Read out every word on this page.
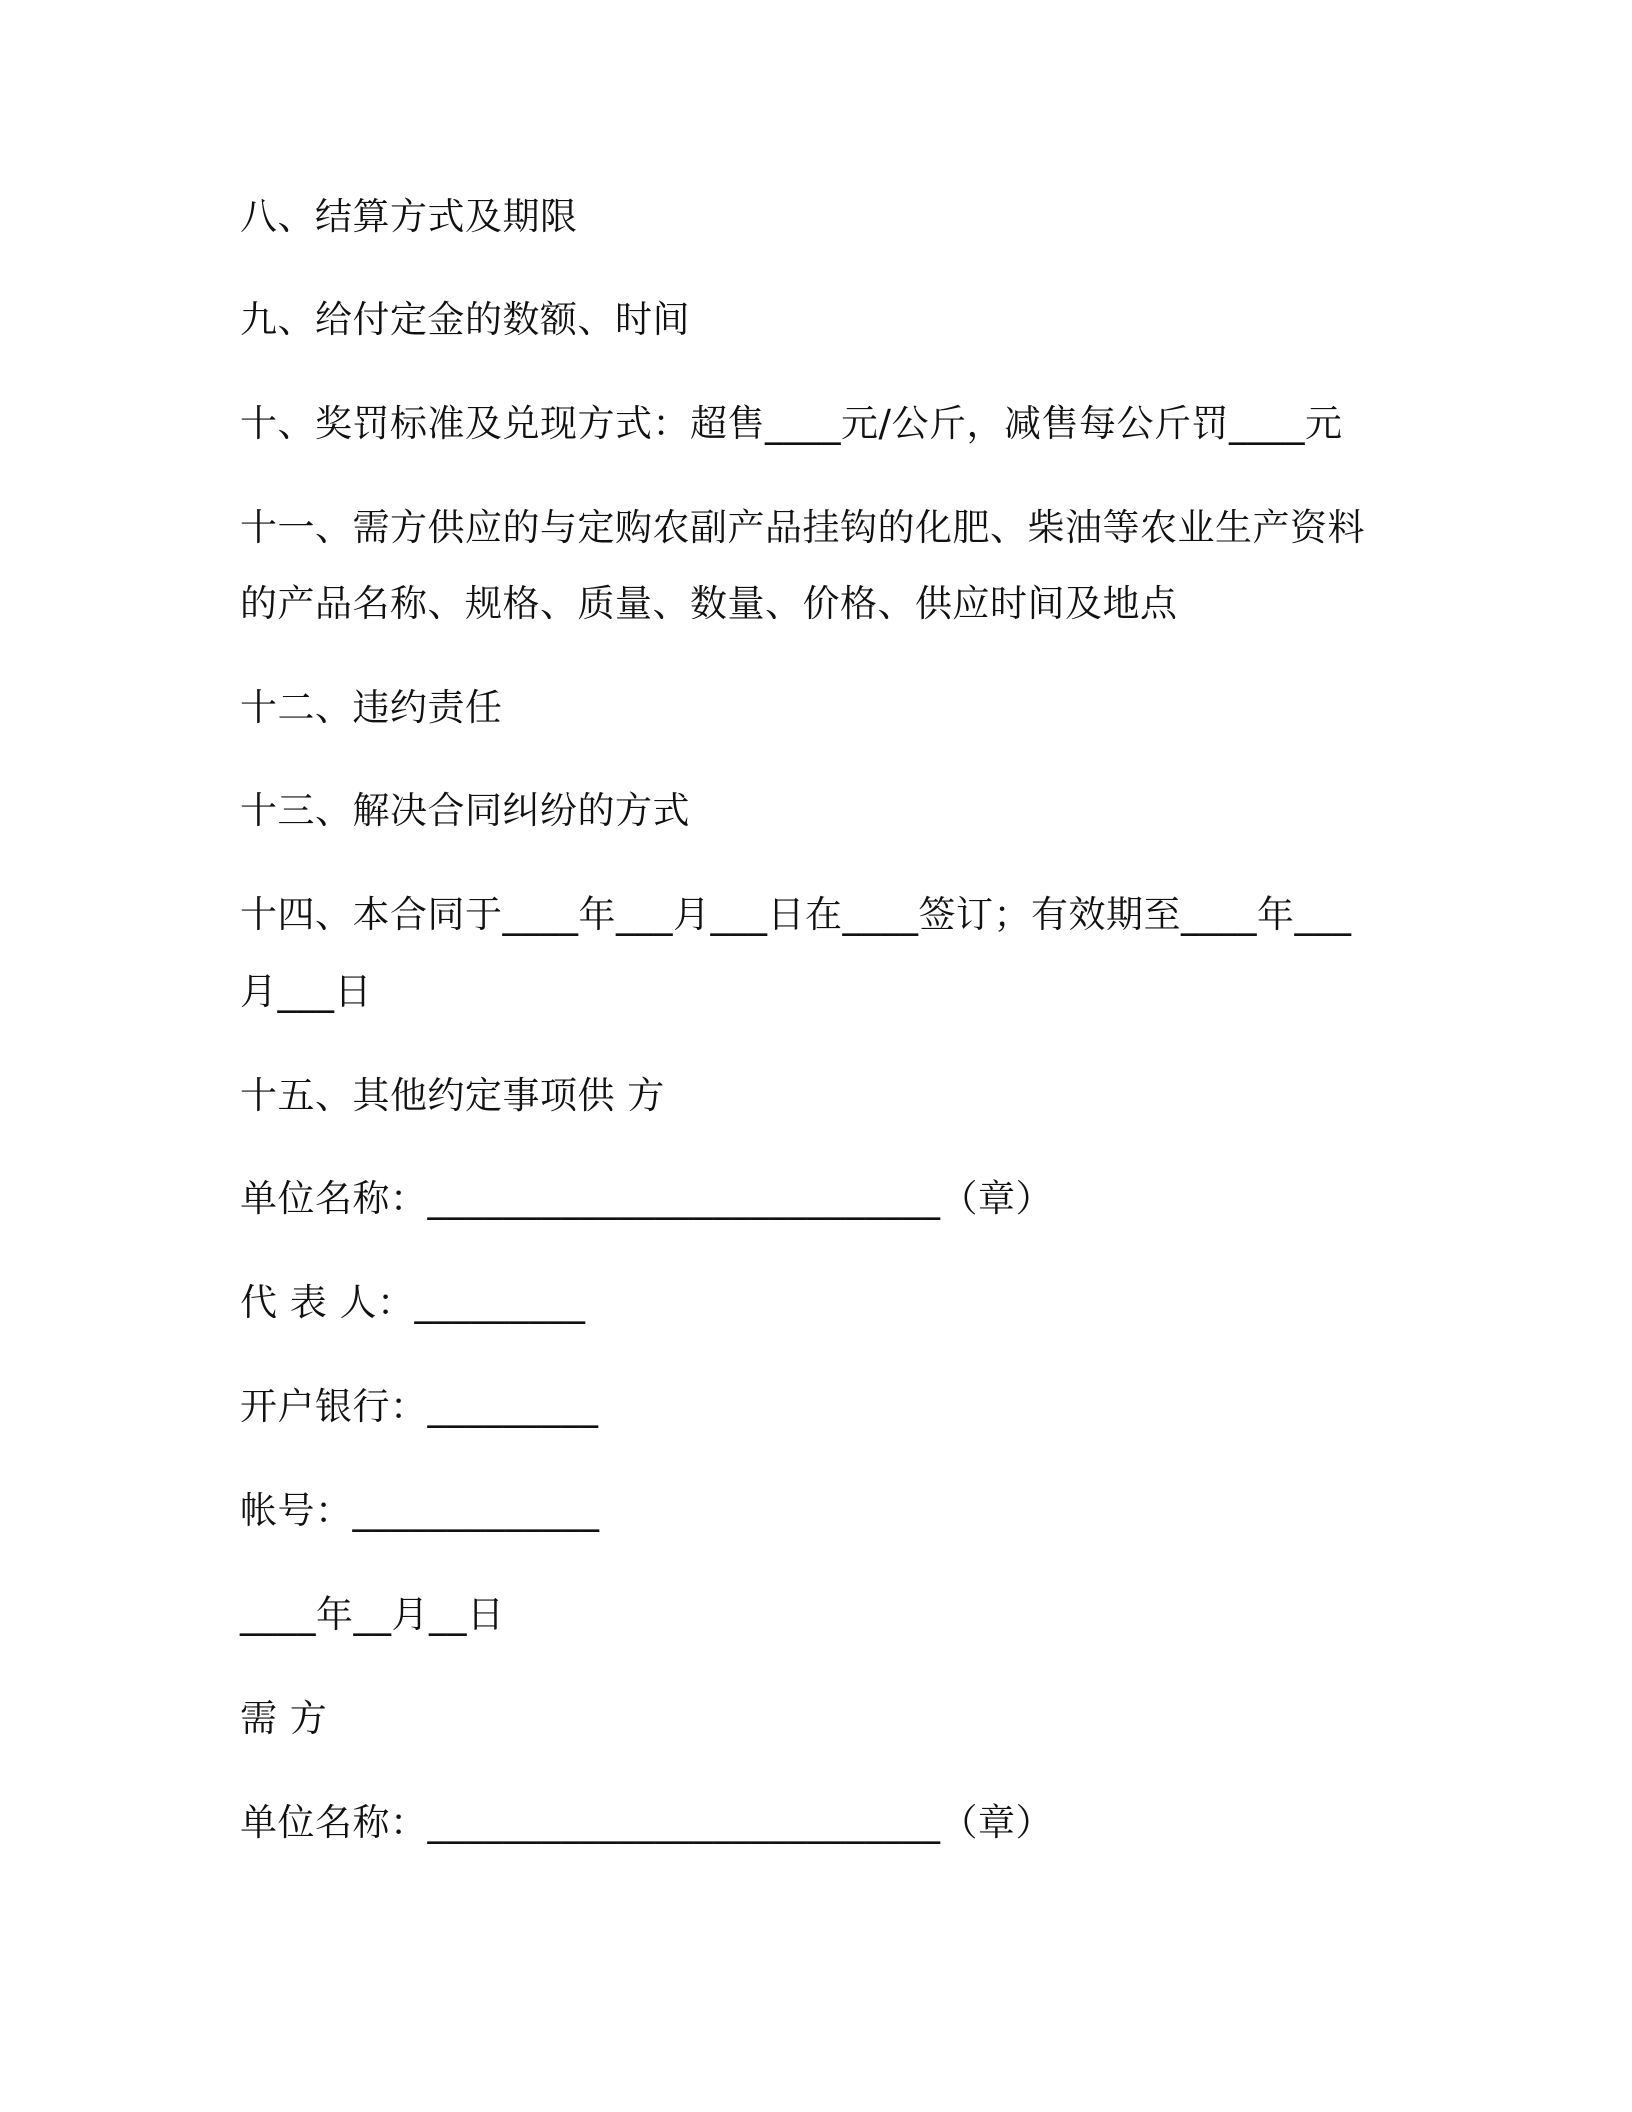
八、结算方式及期限
九、给付定金的数额、时间
十、奖罚标准及兑现方式：超售____元/公斤，减售每公斤罚____元
十一、需方供应的与定购农副产品挂钩的化肥、柴油等农业生产资料
的产品名称、规格、质量、数量、价格、供应时间及地点
十二、违约责任
十三、解决合同纠纷的方式
十四、本合同于____年___月___日在____签订；有效期至____年___
月___日
十五、其他约定事项供 方
单位名称：___________________________（章）
代 表 人：_________
开户银行：_________
帐号：_____________
____年__月__日
需 方
单位名称：___________________________（章）
